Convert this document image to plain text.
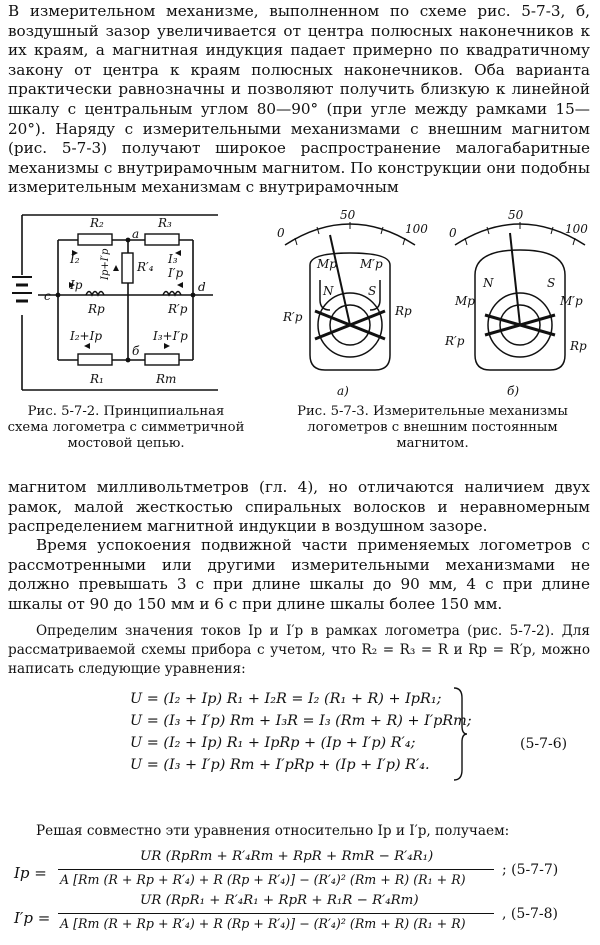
В измерительном механизме, выполненном по схеме рис. 5-7-3, б, воздушный зазор увеличивается от центра полюсных наконечников к их краям, а магнитная индукция падает примерно по квадратичному закону от центра к краям полюсных наконечников. Оба варианта практически равнозначны и позволяют получить близкую к линейной шкалу с центральным углом 80—90° (при угле между рамками 15—20°). Наряду с измерительными механизмами с внешним магнитом (рис. 5-7-3) получают широкое распространение малогабаритные механизмы с внутрирамочным магнитом. По конструкции они подобны измерительным механизмам с внутрирамочным

R₂	R₃
a
R′₄
I₂	I₃
Iр+I′р	I′р
Iр
c
d
Rр	R′р
I₂+Iр	I₃+I′р
б
R₁	Rт
0
50
100
N	S
Mр M′р
R′р	Rр
а)
0
50
100
N	S
Mр	M′р
R′р	Rр
б)
Рис. 5-7-2. Принципиальная схема логометра с симметричной мостовой цепью.
Рис. 5-7-3. Измерительные механизмы логометров с внешним постоянным магнитом.

магнитом милливольтметров (гл. 4), но отличаются наличием двух рамок, малой жесткостью спиральных волосков и неравномерным распределением магнитной индукции в воздушном зазоре.

Время успокоения подвижной части применяемых логометров с рассмотренными или другими измерительными механизмами не должно превышать 3 с при длине шкалы до 90 мм, 4 с при длине шкалы от 90 до 150 мм и 6 с при длине шкалы более 150 мм.

Определим значения токов Iр и I′р в рамках логометра (рис. 5-7-2). Для рассматриваемой схемы прибора с учетом, что R₂ = R₃ = R и Rр = R′р, можно написать следующие уравнения:

U = (I₂ + Iр) R₁ + I₂R = I₂ (R₁ + R) + IрR₁;
U = (I₃ + I′р) Rт + I₃R = I₃ (Rт + R) + I′рRт;
U = (I₂ + Iр) R₁ + IрRр + (Iр + I′р) R′₄;
U = (I₃ + I′р) Rт + I′рRр + (Iр + I′р) R′₄.
(5-7-6)

Решая совместно эти уравнения относительно Iр и I′р, получаем:

Iр =
UR (RрRт + R′₄Rт + RрR + RтR − R′₄R₁)
A [Rт (R + Rр + R′₄) + R (Rр + R′₄)] − (R′₄)² (Rт + R) (R₁ + R)
; (5-7-7)
I′р =
UR (RрR₁ + R′₄R₁ + RрR + R₁R − R′₄Rт)
A [Rт (R + Rр + R′₄) + R (Rр + R′₄)] − (R′₄)² (Rт + R) (R₁ + R)
, (5-7-8)
